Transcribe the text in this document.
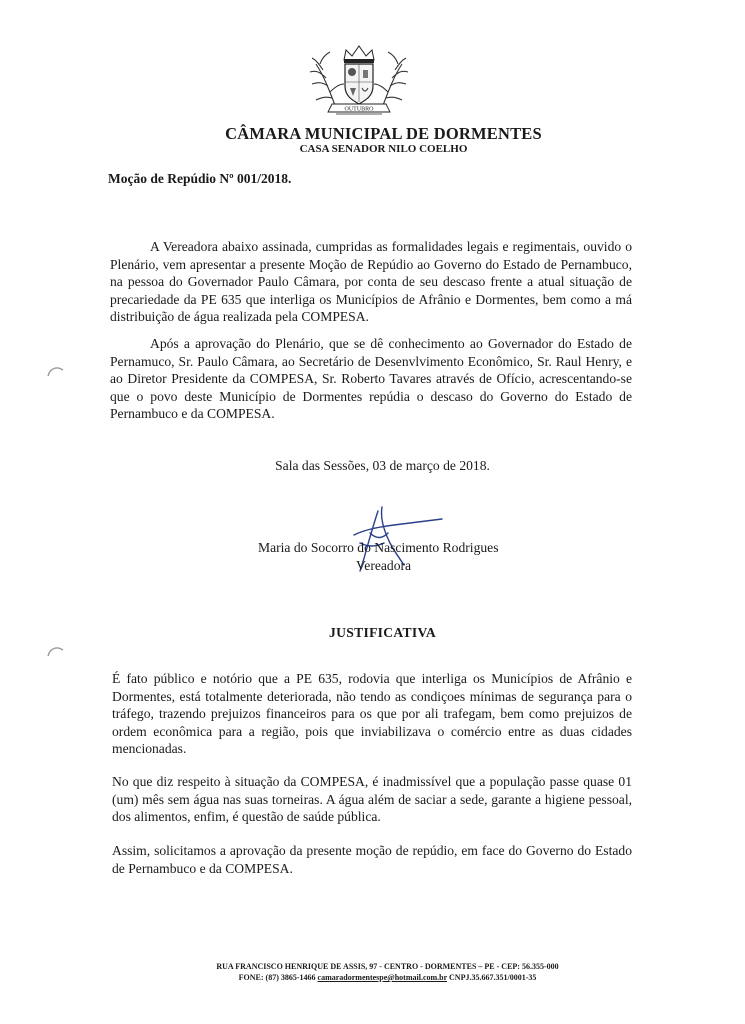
OUTUBRO
CÂMARA MUNICIPAL DE DORMENTES
CASA SENADOR NILO COELHO
Moção de Repúdio Nº 001/2018.

A Vereadora abaixo assinada, cumpridas as formalidades legais e regimentais, ouvido o Plenário, vem apresentar a presente Moção de Repúdio ao Governo do Estado de Pernambuco, na pessoa do Governador Paulo Câmara, por conta de seu descaso frente a atual situação de precariedade da PE 635 que interliga os Municípios de Afrânio e Dormentes, bem como a má distribuição de água realizada pela COMPESA.

Após a aprovação do Plenário, que se dê conhecimento ao Governador do Estado de Pernamuco, Sr. Paulo Câmara, ao Secretário de Desenvlvimento Econômico, Sr. Raul Henry, e ao Diretor Presidente da COMPESA, Sr. Roberto Tavares através de Ofício, acrescentando-se que o povo deste Município de Dormentes repúdia o descaso do Governo do Estado de Pernambuco e da COMPESA.

Sala das Sessões, 03 de março de 2018.
Maria do Socorro do Nascimento Rodrigues
Vereadora
JUSTIFICATIVA

É fato público e notório que a PE 635, rodovia que interliga os Municípios de Afrânio e Dormentes, está totalmente deteriorada, não tendo as condiçoes mínimas de segurança para o tráfego, trazendo prejuizos financeiros para os que por ali trafegam, bem como prejuizos de ordem econômica para a região, pois que inviabilizava o comércio entre as duas cidades mencionadas.

No que diz respeito à situação da COMPESA, é inadmissível que a população passe quase 01 (um) mês sem água nas suas torneiras. A água além de saciar a sede, garante a higiene pessoal, dos alimentos, enfim, é questão de saúde pública.

Assim, solicitamos a aprovação da presente moção de repúdio, em face do Governo do Estado de Pernambuco e da COMPESA.

RUA FRANCISCO HENRIQUE DE ASSIS, 97 - CENTRO - DORMENTES – PE - CEP: 56.355-000
FONE: (87) 3865-1466 camaradormentespe@hotmail.com.br CNPJ.35.667.351/0001-35
